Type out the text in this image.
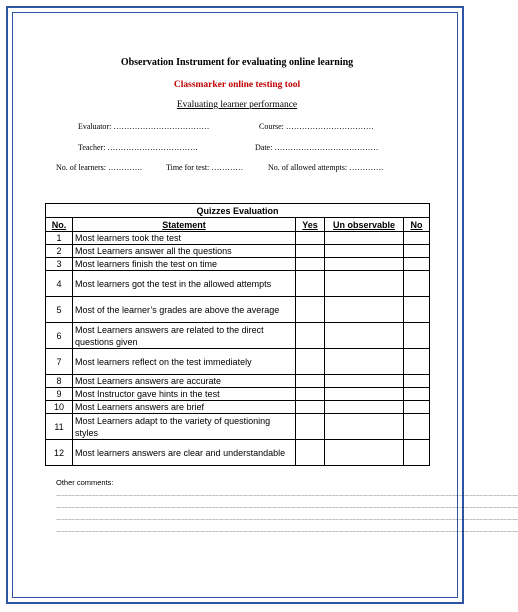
Observation Instrument for evaluating online learning
Classmarker online testing tool
Evaluating learner performance
Evaluator: ………………………………	Course: ……………………………
Teacher: …………………………….	Date: …………………………………
No. of learners: ………….	Time for test: …………	No. of allowed attempts: ………….
Quizzes Evaluation				
No.	Statement	Yes	Un observable	No
1	Most learners took the test			
2	Most Learners answer all the questions			
3	Most learners finish the test on time			
4	Most learners got the test in the allowed attempts			
5	Most of the learner’s grades are above the average			
6	Most Learners answers are related to the direct questions given			
7	Most learners reflect on the test immediately			
8	Most Learners answers are accurate			
9	Most Instructor gave hints in the test			
10	Most Learners answers are brief			
11	Most Learners adapt to the variety of questioning styles			
12	Most learners answers are clear and understandable			
Other comments:
……………………………………………………………………………………………………………………………………………………………………………………………………………
……………………………………………………………………………………………………………………………………………………………………………………………………………
……………………………………………………………………………………………………………………………………………………………………………………………………………
……………………………………………………………………………………………………………………………………………………………………………………………………………
